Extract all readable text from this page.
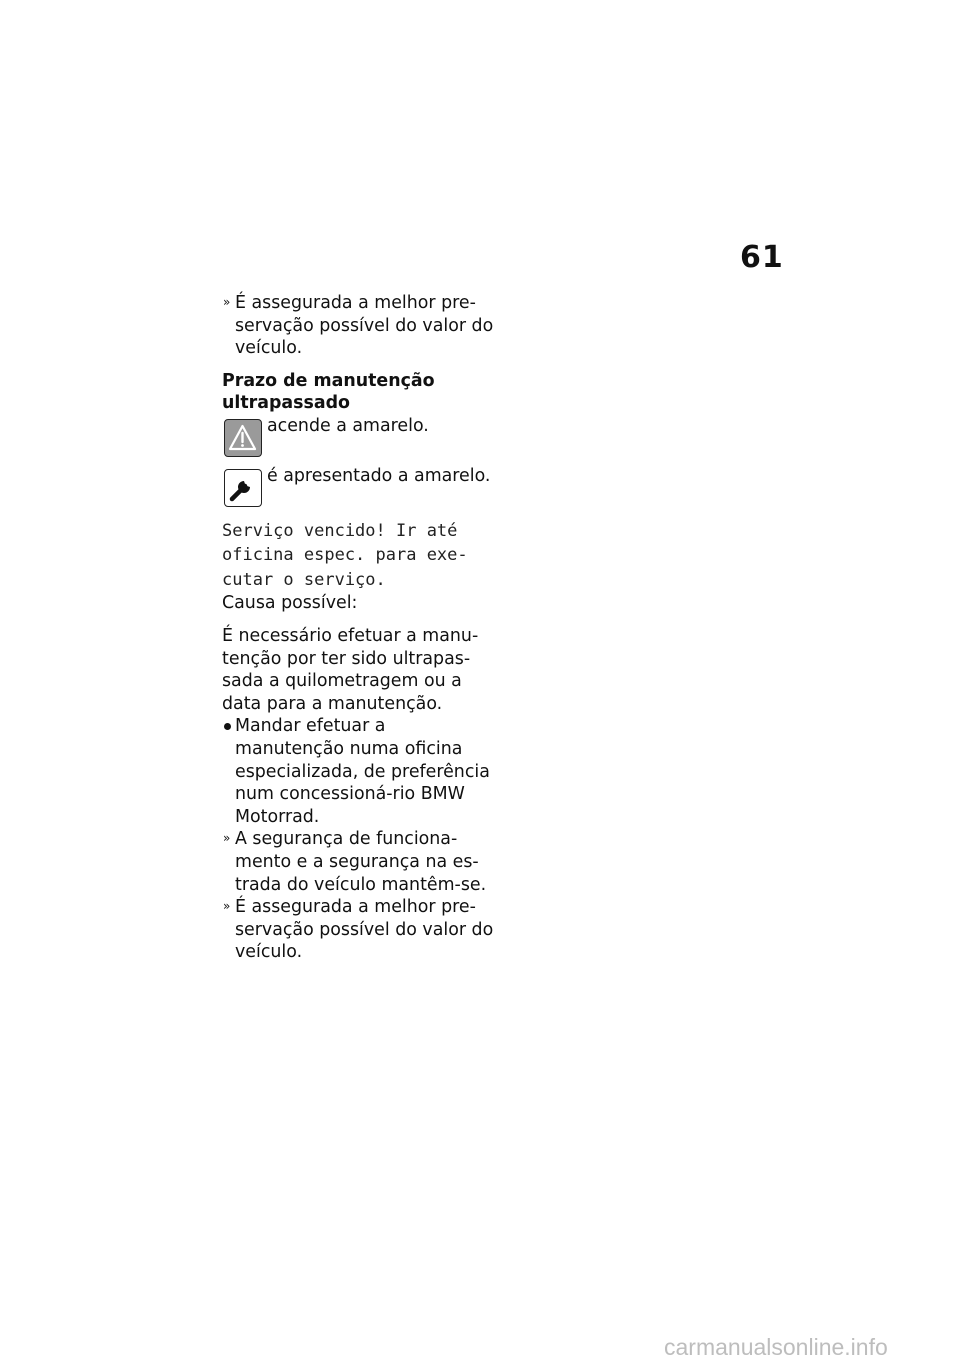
61
» É assegurada a melhor pre-servação possível do valor do veículo.

Prazo de manutenção ultrapassado

acende a amarelo.
é apresentado a amarelo.
Serviço vencido! Ir até oficina espec. para exe-cutar o serviço.

Causa possível:

É necessário efetuar a manu-tenção por ter sido ultrapas-sada a quilometragem ou a data para a manutenção.

Mandar efetuar a manutenção numa oficina especializada, de preferência num concessioná-rio BMW Motorrad.
» A segurança de funciona-mento e a segurança na es-trada do veículo mantêm-se.
» É assegurada a melhor pre-servação possível do valor do veículo.
carmanualsonline.info
